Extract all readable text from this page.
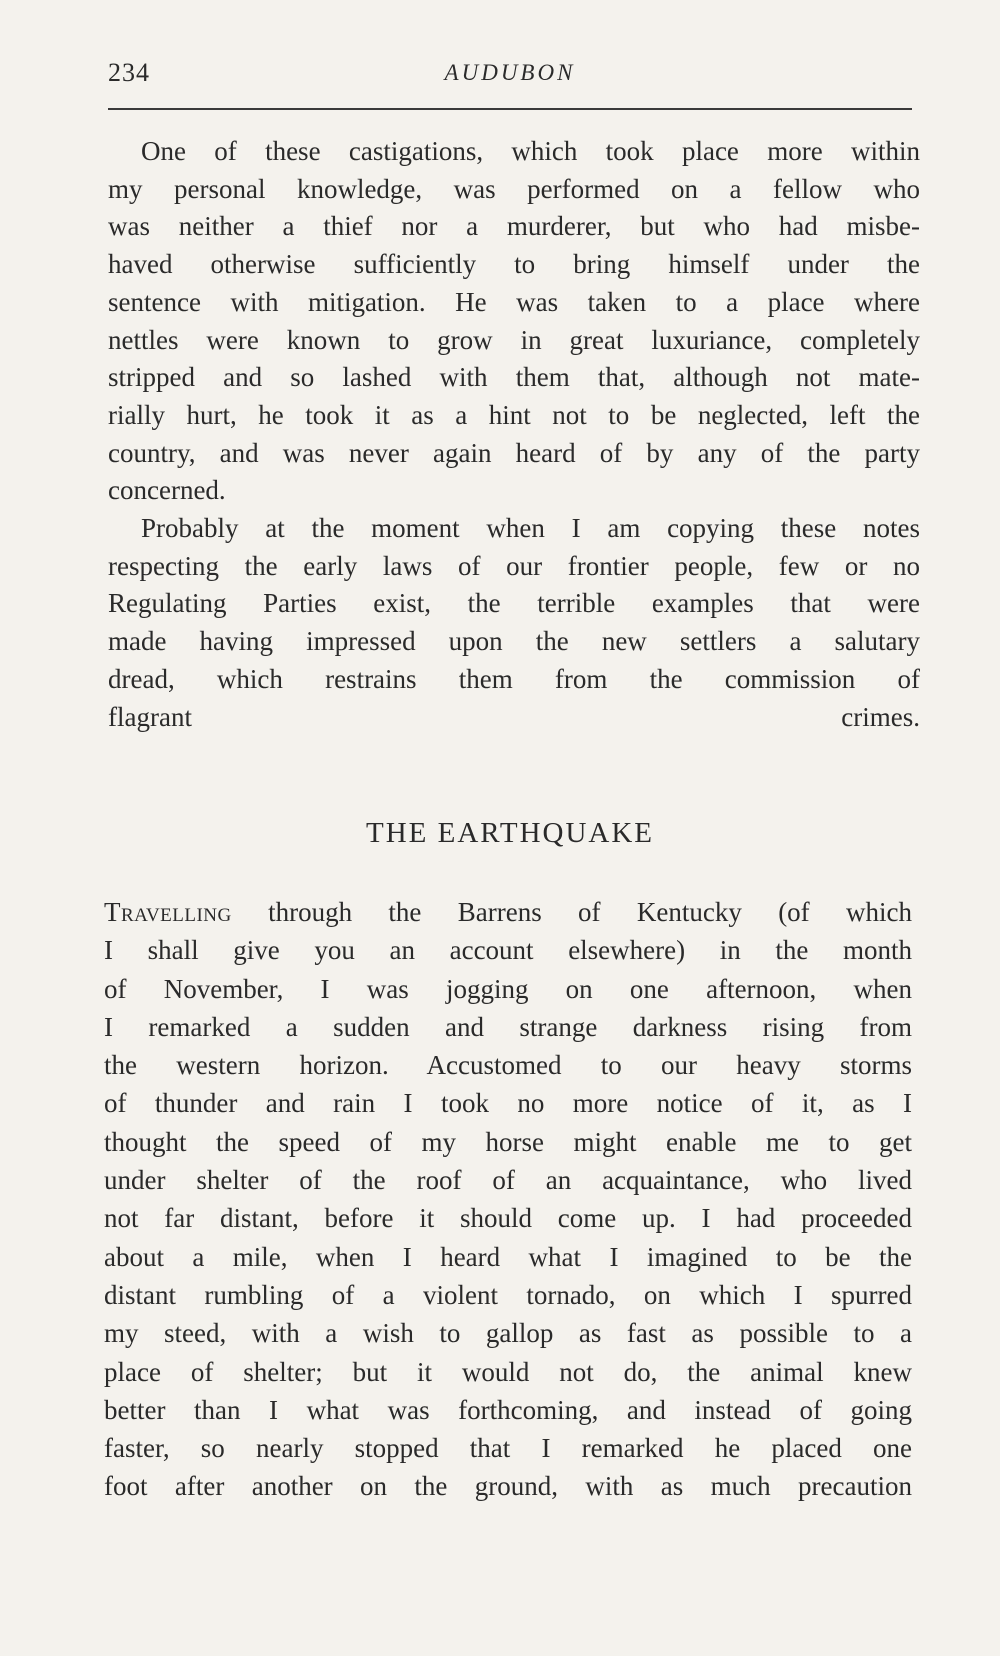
234	AUDUBON

One of these castigations, which took place more within
my personal knowledge, was performed on a fellow who
was neither a thief nor a murderer, but who had misbe-
haved otherwise sufficiently to bring himself under the
sentence with mitigation. He was taken to a place where
nettles were known to grow in great luxuriance, completely
stripped and so lashed with them that, although not mate-
rially hurt, he took it as a hint not to be neglected, left the
country, and was never again heard of by any of the party
concerned.

Probably at the moment when I am copying these notes
respecting the early laws of our frontier people, few or no
Regulating Parties exist, the terrible examples that were
made having impressed upon the new settlers a salutary
dread, which restrains them from the commission of
flagrant crimes.

THE EARTHQUAKE

Travelling through the Barrens of Kentucky (of which
I shall give you an account elsewhere) in the month
of November, I was jogging on one afternoon, when
I remarked a sudden and strange darkness rising from
the western horizon. Accustomed to our heavy storms
of thunder and rain I took no more notice of it, as I
thought the speed of my horse might enable me to get
under shelter of the roof of an acquaintance, who lived
not far distant, before it should come up. I had proceeded
about a mile, when I heard what I imagined to be the
distant rumbling of a violent tornado, on which I spurred
my steed, with a wish to gallop as fast as possible to a
place of shelter; but it would not do, the animal knew
better than I what was forthcoming, and instead of going
faster, so nearly stopped that I remarked he placed one
foot after another on the ground, with as much precaution
